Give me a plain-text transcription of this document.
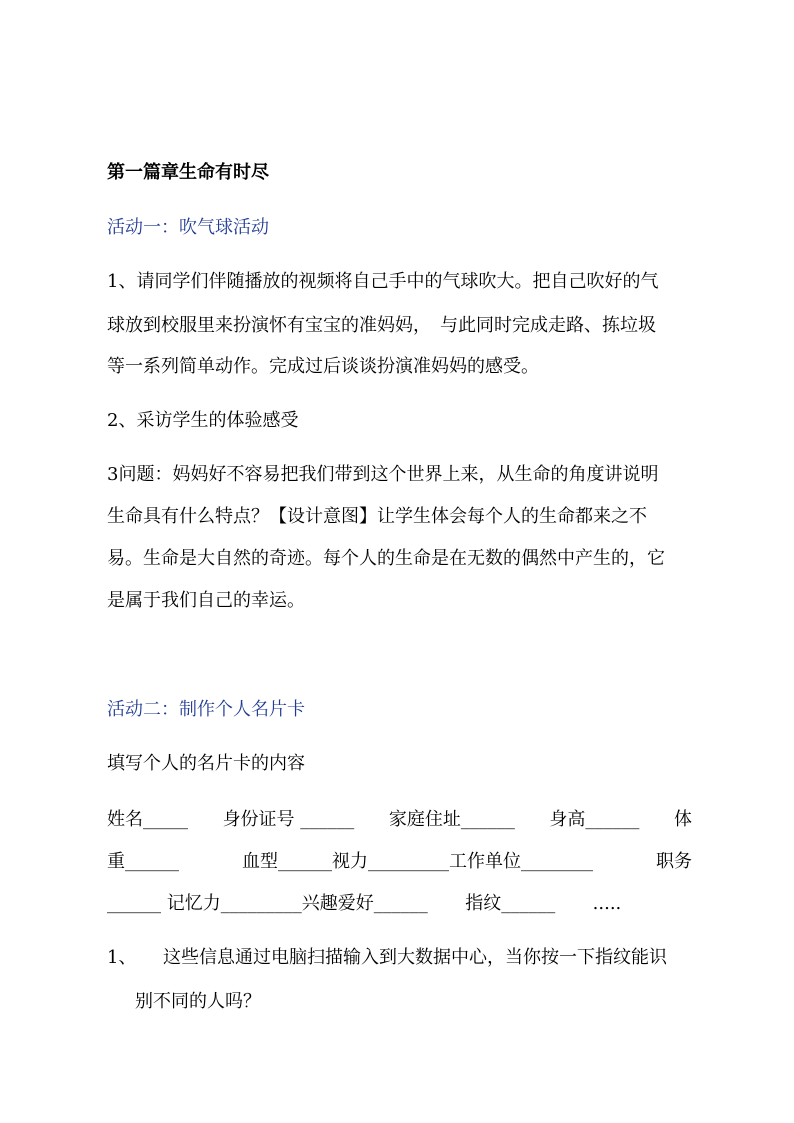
第一篇章生命有时尽
活动一：吹气球活动
1、请同学们伴随播放的视频将自己手中的气球吹大。把自己吹好的气
球放到校服里来扮演怀有宝宝的准妈妈，　与此同时完成走路、拣垃圾
等一系列简单动作。完成过后谈谈扮演准妈妈的感受。
2、采访学生的体验感受
3问题：妈妈好不容易把我们带到这个世界上来，从生命的角度讲说明
生命具有什么特点？【设计意图】让学生体会每个人的生命都来之不
易。生命是大自然的奇迹。每个人的生命是在无数的偶然中产生的，它
是属于我们自己的幸运。
活动二：制作个人名片卡
填写个人的名片卡的内容
姓名_____ 身份证号 ______ 家庭住址______ 身高______ 体
重______	血型______视力_________工作单位________	职务
______ 记忆力_________兴趣爱好______ 指纹______ .....
1、	这些信息通过电脑扫描输入到大数据中心，当你按一下指纹能识
别不同的人吗？
